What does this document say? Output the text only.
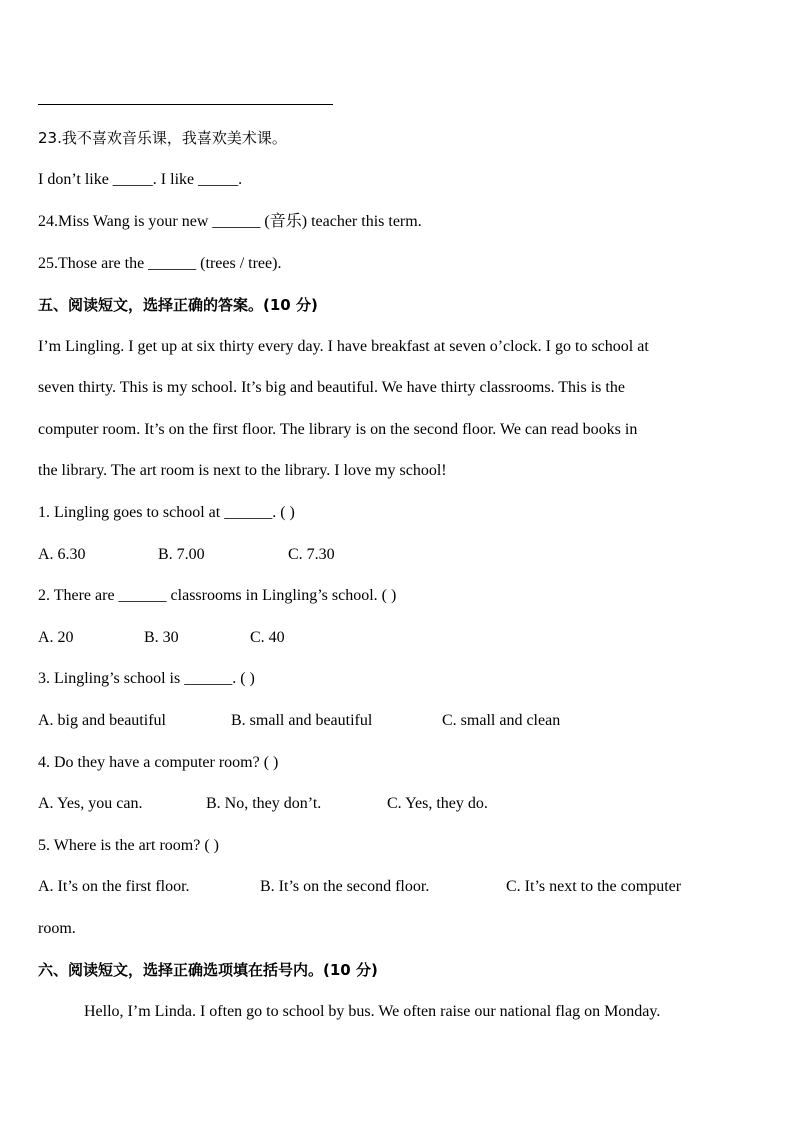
23.我不喜欢音乐课，我喜欢美术课。
I don’t like _____. I like _____.
24.Miss Wang is your new ______ (音乐) teacher this term.
25.Those are the ______ (trees / tree).
五、阅读短文，选择正确的答案。(10 分)
I’m Lingling. I get up at six thirty every day. I have breakfast at seven o’clock. I go to school at
seven thirty. This is my school. It’s big and beautiful. We have thirty classrooms. This is the
computer room. It’s on the first floor. The library is on the second floor. We can read books in
the library. The art room is next to the library. I love my school!
1. Lingling goes to school at ______. ( )
A. 6.30	B. 7.00	C. 7.30
2. There are ______ classrooms in Lingling’s school. ( )
A. 20	B. 30	C. 40
3. Lingling’s school is ______. ( )
A. big and beautiful	B. small and beautiful	C. small and clean
4. Do they have a computer room? ( )
A. Yes, you can.	B. No, they don’t.	C. Yes, they do.
5. Where is the art room? ( )
A. It’s on the first floor.	B. It’s on the second floor.	C. It’s next to the computer
room.
六、阅读短文，选择正确选项填在括号内。(10 分)
Hello, I’m Linda. I often go to school by bus. We often raise our national flag on Monday.
